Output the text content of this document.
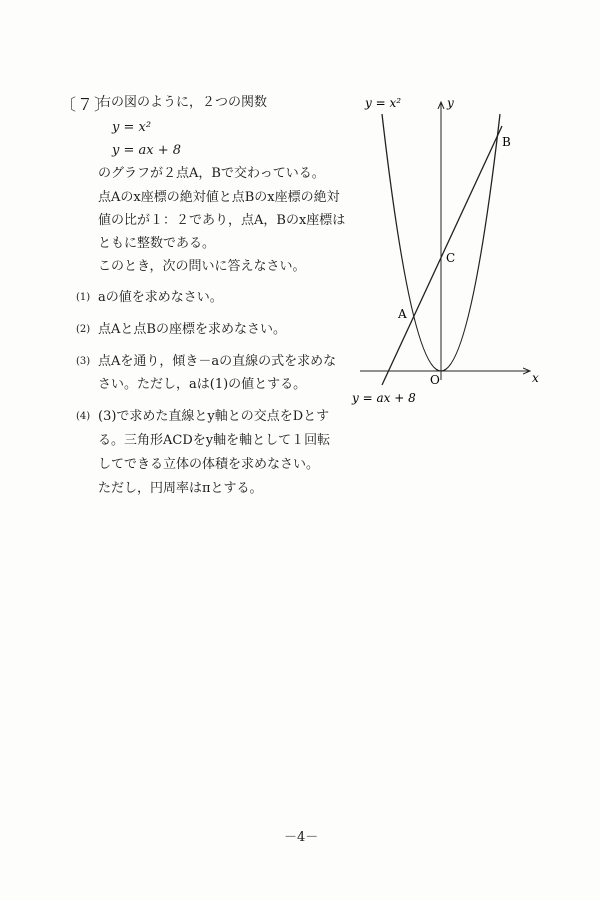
〔７〕
右の図のように，２つの関数
y = x²
y = ax + 8
のグラフが２点A，Bで交わっている。
点Aのx座標の絶対値と点Bのx座標の絶対
値の比が１：２であり，点A，Bのx座標は
ともに整数である。
このとき，次の問いに答えなさい。
(1) aの値を求めなさい。
(2) 点Aと点Bの座標を求めなさい。
(3) 点Aを通り，傾き－aの直線の式を求めな
さい。ただし，aは(1)の値とする。
(4) (3)で求めた直線とy軸との交点をDとす
る。三角形ACDをy軸を軸として１回転
してできる立体の体積を求めなさい。
ただし，円周率はπとする。
y = x²	y
x
O
A
B
C
y = ax + 8
－4－
